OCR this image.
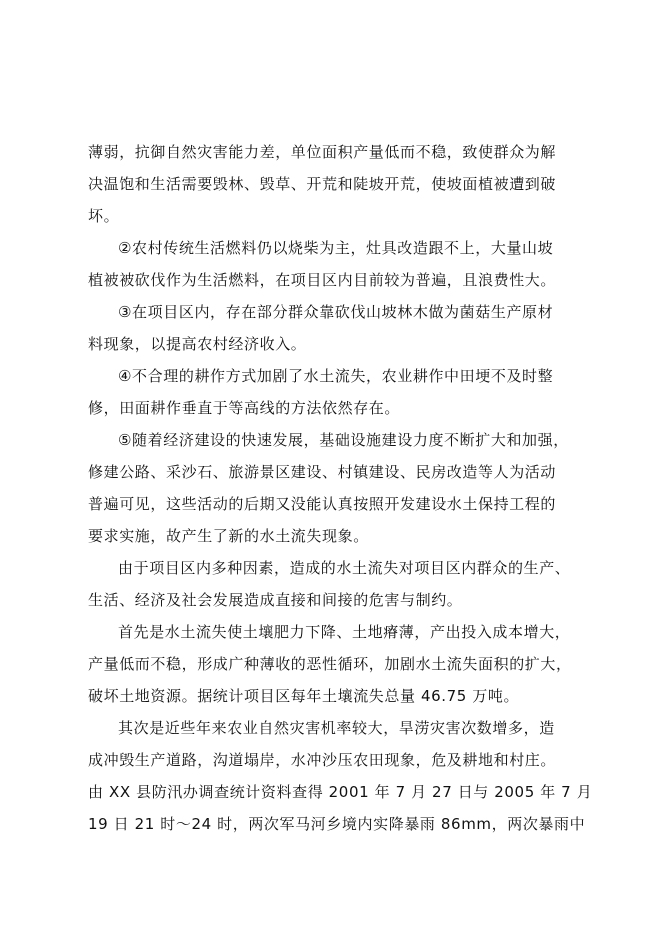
薄弱，抗御自然灾害能力差，单位面积产量低而不稳，致使群众为解
决温饱和生活需要毁林、毁草、开荒和陡坡开荒，使坡面植被遭到破
坏。

②农村传统生活燃料仍以烧柴为主，灶具改造跟不上，大量山坡
植被被砍伐作为生活燃料，在项目区内目前较为普遍，且浪费性大。

③在项目区内，存在部分群众靠砍伐山坡林木做为菌菇生产原材
料现象，以提高农村经济收入。

④不合理的耕作方式加剧了水土流失，农业耕作中田埂不及时整
修，田面耕作垂直于等高线的方法依然存在。

⑤随着经济建设的快速发展，基础设施建设力度不断扩大和加强，
修建公路、采沙石、旅游景区建设、村镇建设、民房改造等人为活动
普遍可见，这些活动的后期又没能认真按照开发建设水土保持工程的
要求实施，故产生了新的水土流失现象。

由于项目区内多种因素，造成的水土流失对项目区内群众的生产、
生活、经济及社会发展造成直接和间接的危害与制约。

首先是水土流失使土壤肥力下降、土地瘠薄，产出投入成本增大，
产量低而不稳，形成广种薄收的恶性循环，加剧水土流失面积的扩大，
破坏土地资源。据统计项目区每年土壤流失总量 46.75 万吨。

其次是近些年来农业自然灾害机率较大，旱涝灾害次数增多，造
成冲毁生产道路，沟道塌岸，水冲沙压农田现象，危及耕地和村庄。
由 XX 县防汛办调查统计资料查得 2001 年 7 月 27 日与 2005 年 7 月
19 日 21 时～24 时，两次军马河乡境内实降暴雨 86mm，两次暴雨中
